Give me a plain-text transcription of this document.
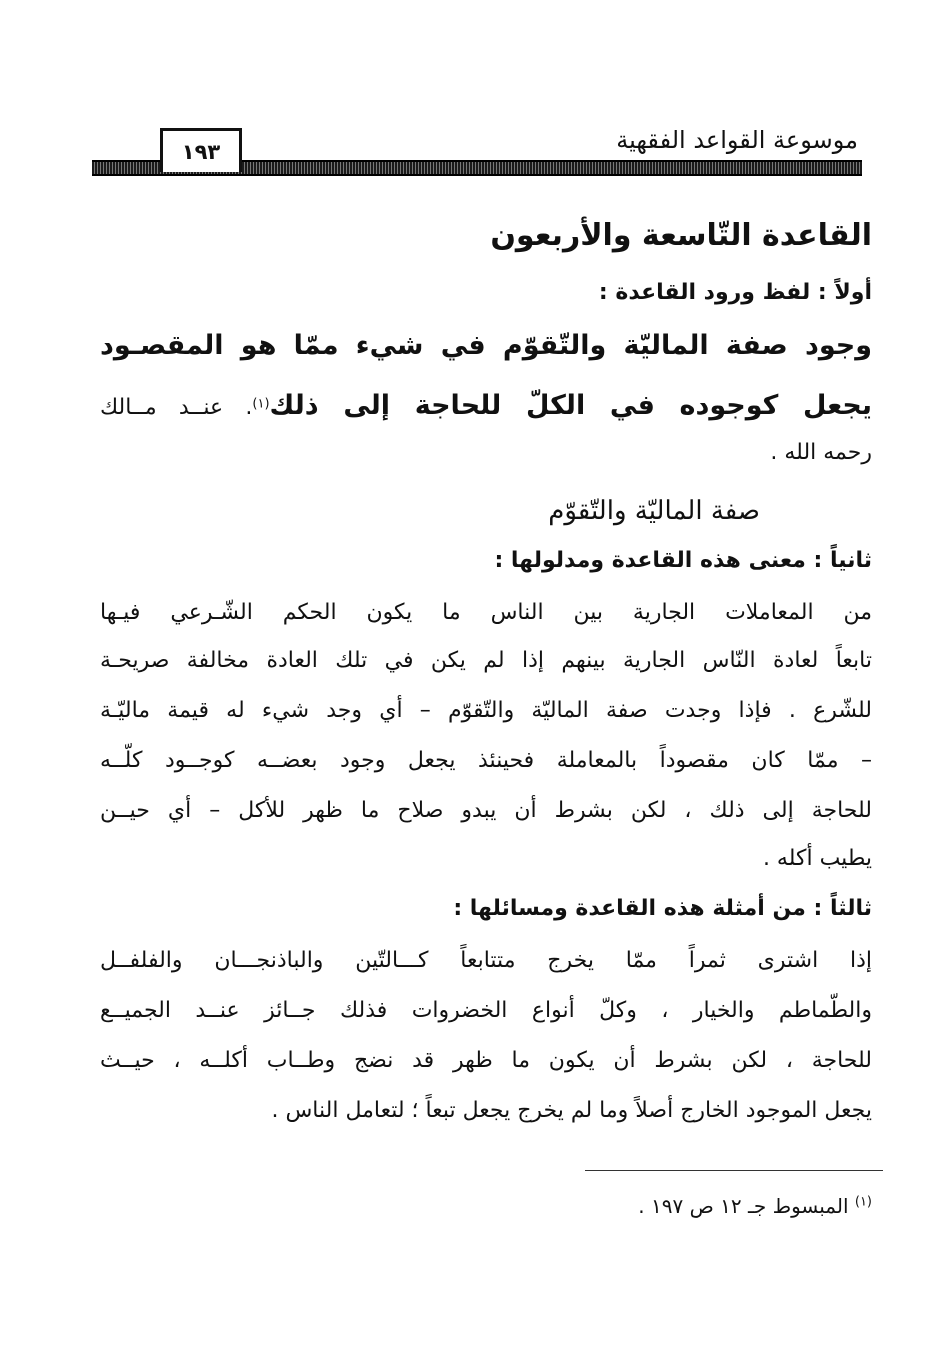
موسوعة القواعد الفقهية
١٩٣
القاعدة التّاسعة والأربعون
أولاً : لفظ ورود القاعدة :
وجود صفة الماليّة والتّقوّم في شيء ممّا هو المقصـود
يجعل كوجوده في الكلّ للحاجة إلى ذلك$^{(١)}$. عنــد مــالك
رحمه الله .
صفة الماليّة والتّقوّم
ثانياً : معنى هذه القاعدة ومدلولها :
من المعاملات الجارية بين الناس ما يكون الحكم الشّـرعي فيـها
تابعاً لعادة النّاس الجارية بينهم إذا لم يكن في تلك العادة مخالفة صريحـة
للشّرع . فإذا وجدت صفة الماليّة والتّقوّم – أي وجد شيء له قيمة ماليّـة
– ممّا كان مقصوداً بالمعاملة فحينئذ يجعل وجود بعضــه كوجــود كلّــه
للحاجة إلى ذلك ، لكن بشرط أن يبدو صلاح ما ظهر للأكل – أي حيــن
يطيب أكله .
ثالثاً : من أمثلة هذه القاعدة ومسائلها :
إذا اشترى ثمراً ممّا يخرج متتابعاً كـــالتّين والباذنجـــان والفلفــل
والطّماطم والخيار ، وكلّ أنواع الخضروات فذلك جــائز عنــد الجميــع
للحاجة ، لكن بشرط أن يكون ما ظهر قد نضج وطــاب أكلــه ، حيــث
يجعل الموجود الخارج أصلاً وما لم يخرج يجعل تبعاً ؛ لتعامل الناس .
$^{(١)}$ المبسوط جـ ١٢ ص ١٩٧ .
